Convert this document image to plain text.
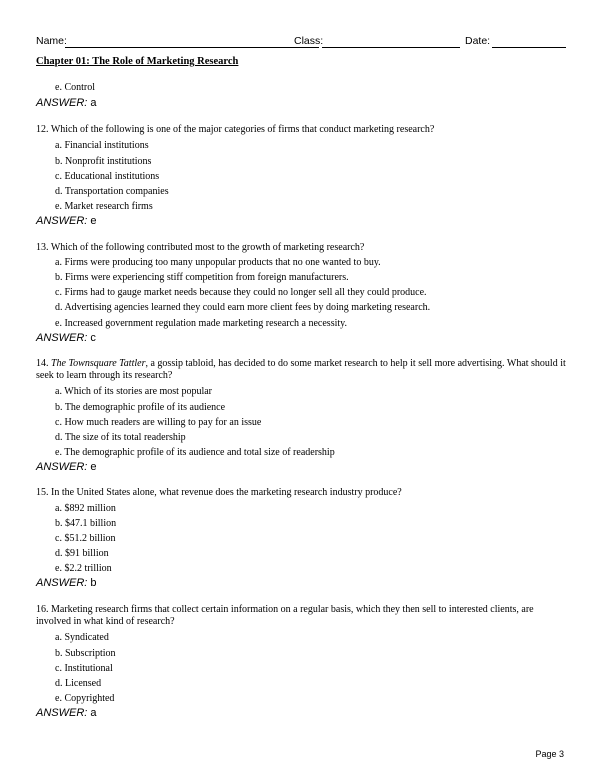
Name:	Class:	Date:
Chapter 01: The Role of Marketing Research
e. Control
ANSWER: a
12. Which of the following is one of the major categories of firms that conduct marketing research?
a. Financial institutions
b. Nonprofit institutions
c. Educational institutions
d. Transportation companies
e. Market research firms
ANSWER: e
13. Which of the following contributed most to the growth of marketing research?
a. Firms were producing too many unpopular products that no one wanted to buy.
b. Firms were experiencing stiff competition from foreign manufacturers.
c. Firms had to gauge market needs because they could no longer sell all they could produce.
d. Advertising agencies learned they could earn more client fees by doing marketing research.
e. Increased government regulation made marketing research a necessity.
ANSWER: c
14. The Townsquare Tattler, a gossip tabloid, has decided to do some market research to help it sell more advertising. What should it seek to learn through its research?
a. Which of its stories are most popular
b. The demographic profile of its audience
c. How much readers are willing to pay for an issue
d. The size of its total readership
e. The demographic profile of its audience and total size of readership
ANSWER: e
15. In the United States alone, what revenue does the marketing research industry produce?
a. $892 million
b. $47.1 billion
c. $51.2 billion
d. $91 billion
e. $2.2 trillion
ANSWER: b
16. Marketing research firms that collect certain information on a regular basis, which they then sell to interested clients, are involved in what kind of research?
a. Syndicated
b. Subscription
c. Institutional
d. Licensed
e. Copyrighted
ANSWER: a
Page 3
